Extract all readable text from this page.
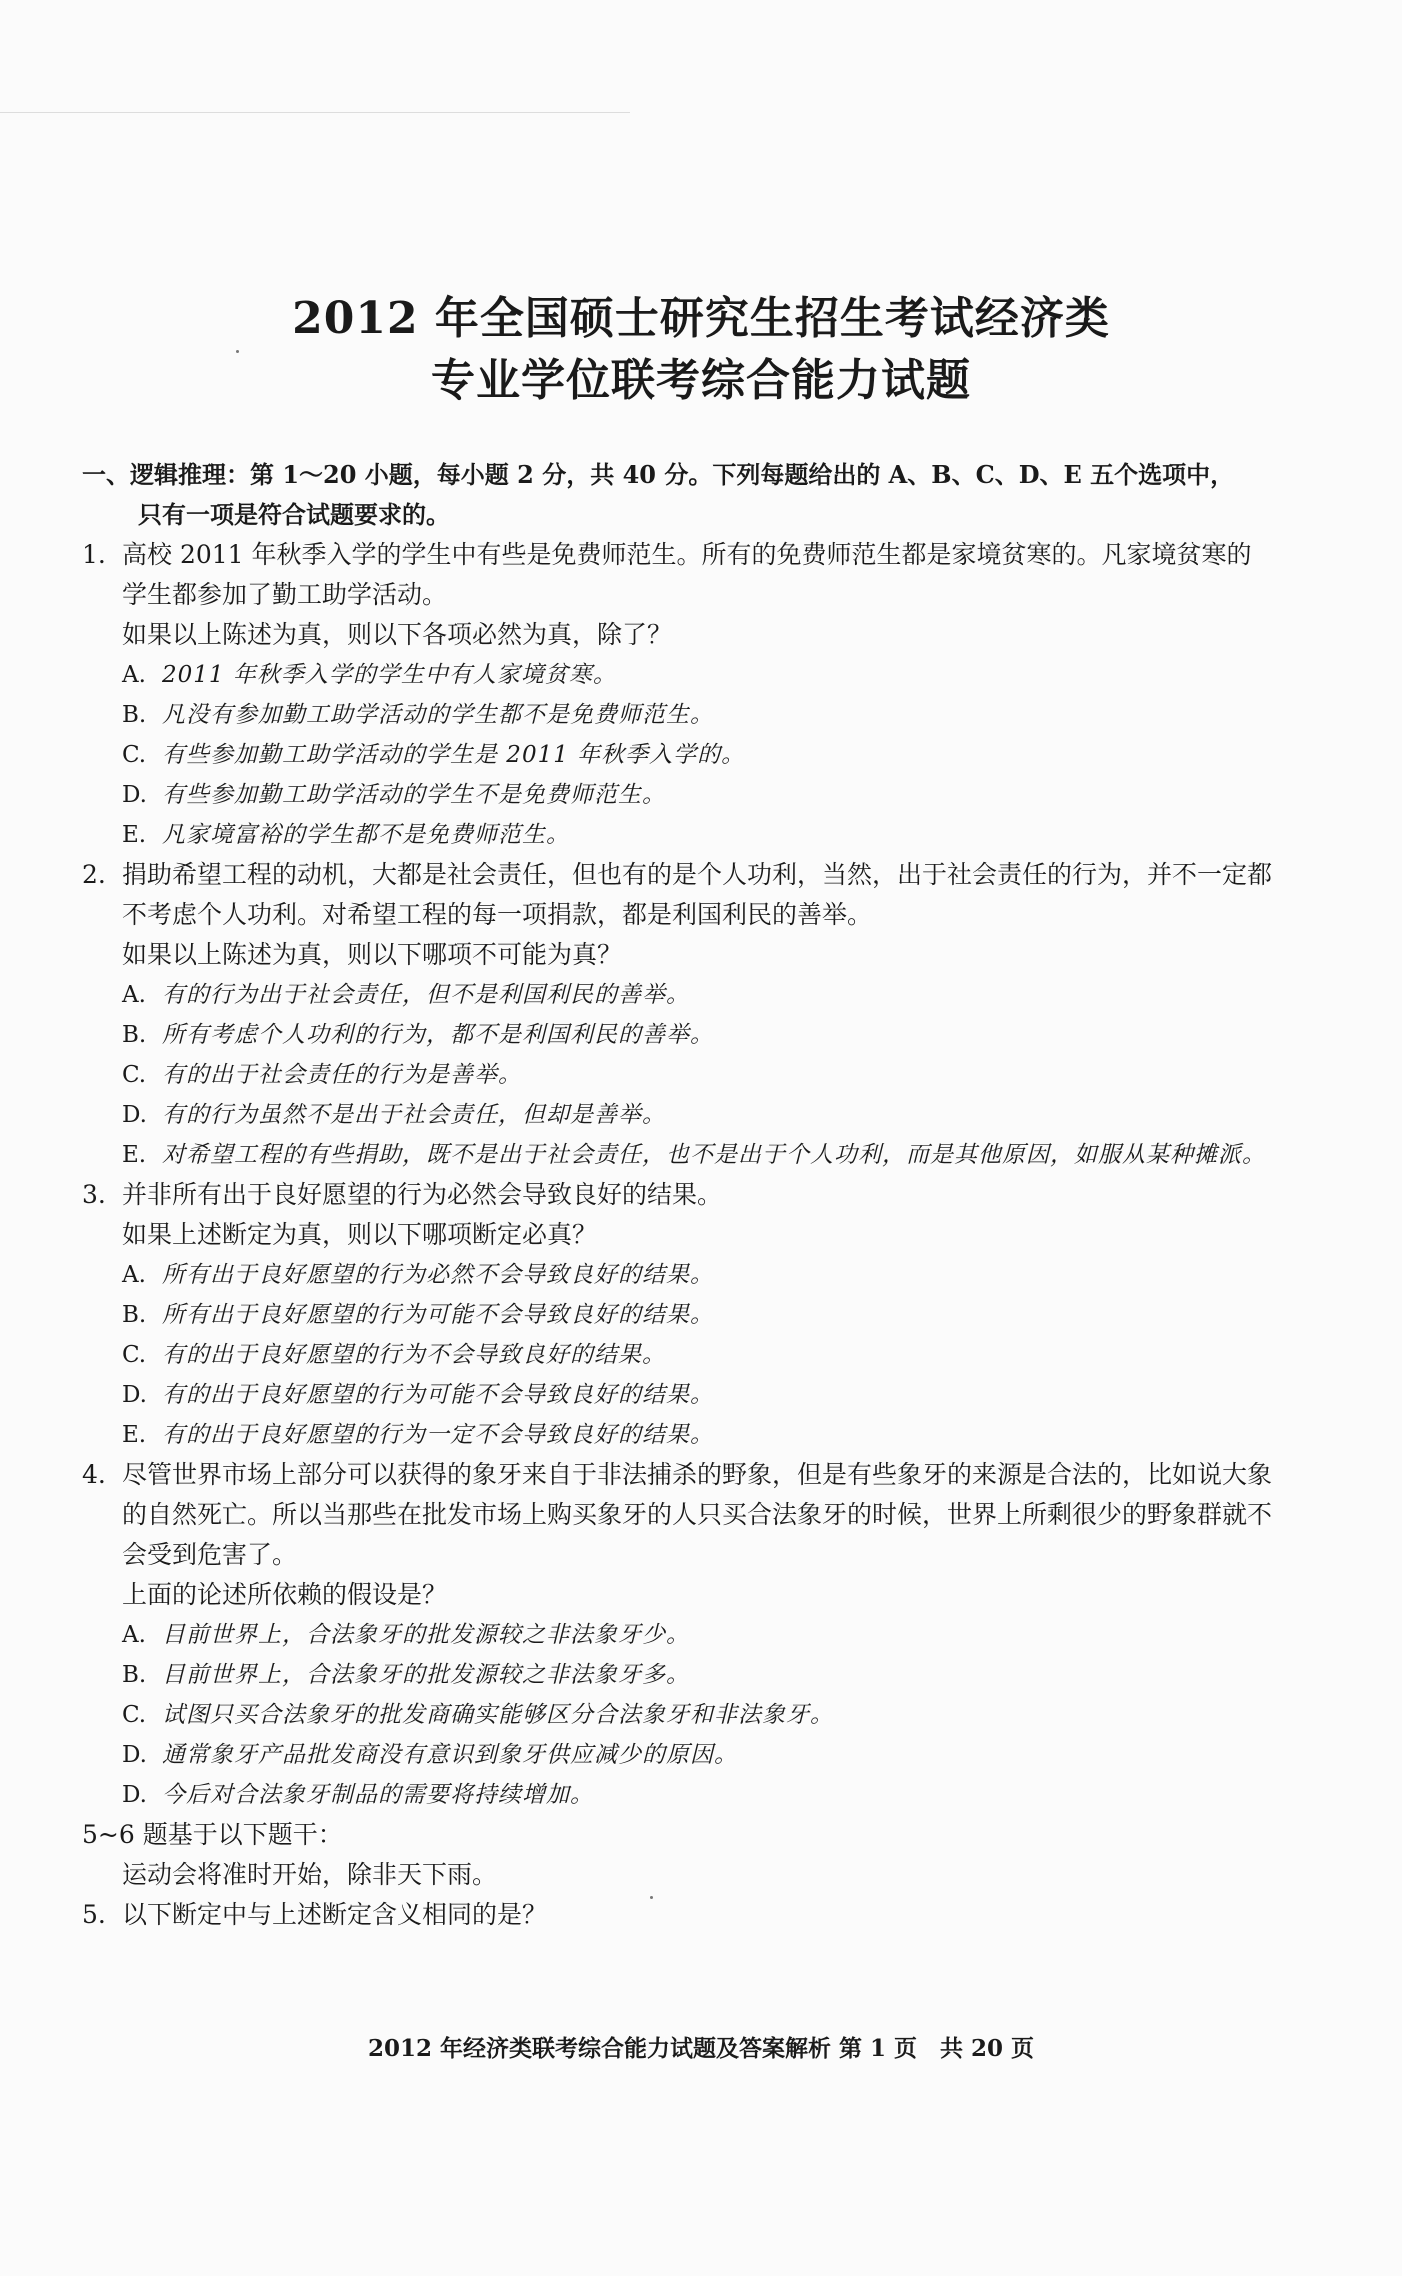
2012 年全国硕士研究生招生考试经济类
专业学位联考综合能力试题
一、逻辑推理：第 1～20 小题，每小题 2 分，共 40 分。下列每题给出的 A、B、C、D、E 五个选项中，
只有一项是符合试题要求的。
1. 高校 2011 年秋季入学的学生中有些是免费师范生。所有的免费师范生都是家境贫寒的。凡家境贫寒的学生都参加了勤工助学活动。
如果以上陈述为真，则以下各项必然为真，除了？
A. 2011 年秋季入学的学生中有人家境贫寒。
B. 凡没有参加勤工助学活动的学生都不是免费师范生。
C. 有些参加勤工助学活动的学生是 2011 年秋季入学的。
D. 有些参加勤工助学活动的学生不是免费师范生。
E. 凡家境富裕的学生都不是免费师范生。
2. 捐助希望工程的动机，大都是社会责任，但也有的是个人功利，当然，出于社会责任的行为，并不一定都不考虑个人功利。对希望工程的每一项捐款，都是利国利民的善举。
如果以上陈述为真，则以下哪项不可能为真？
A. 有的行为出于社会责任，但不是利国利民的善举。
B. 所有考虑个人功利的行为，都不是利国利民的善举。
C. 有的出于社会责任的行为是善举。
D. 有的行为虽然不是出于社会责任，但却是善举。
E. 对希望工程的有些捐助，既不是出于社会责任，也不是出于个人功利，而是其他原因，如服从某种摊派。
3. 并非所有出于良好愿望的行为必然会导致良好的结果。
如果上述断定为真，则以下哪项断定必真？
A. 所有出于良好愿望的行为必然不会导致良好的结果。
B. 所有出于良好愿望的行为可能不会导致良好的结果。
C. 有的出于良好愿望的行为不会导致良好的结果。
D. 有的出于良好愿望的行为可能不会导致良好的结果。
E. 有的出于良好愿望的行为一定不会导致良好的结果。
4. 尽管世界市场上部分可以获得的象牙来自于非法捕杀的野象，但是有些象牙的来源是合法的，比如说大象的自然死亡。所以当那些在批发市场上购买象牙的人只买合法象牙的时候，世界上所剩很少的野象群就不会受到危害了。
上面的论述所依赖的假设是？
A. 目前世界上，合法象牙的批发源较之非法象牙少。
B. 目前世界上，合法象牙的批发源较之非法象牙多。
C. 试图只买合法象牙的批发商确实能够区分合法象牙和非法象牙。
D. 通常象牙产品批发商没有意识到象牙供应减少的原因。
D. 今后对合法象牙制品的需要将持续增加。
5~6 题基于以下题干：
运动会将准时开始，除非天下雨。
5. 以下断定中与上述断定含义相同的是？
2012 年经济类联考综合能力试题及答案解析 第 1 页　共 20 页
